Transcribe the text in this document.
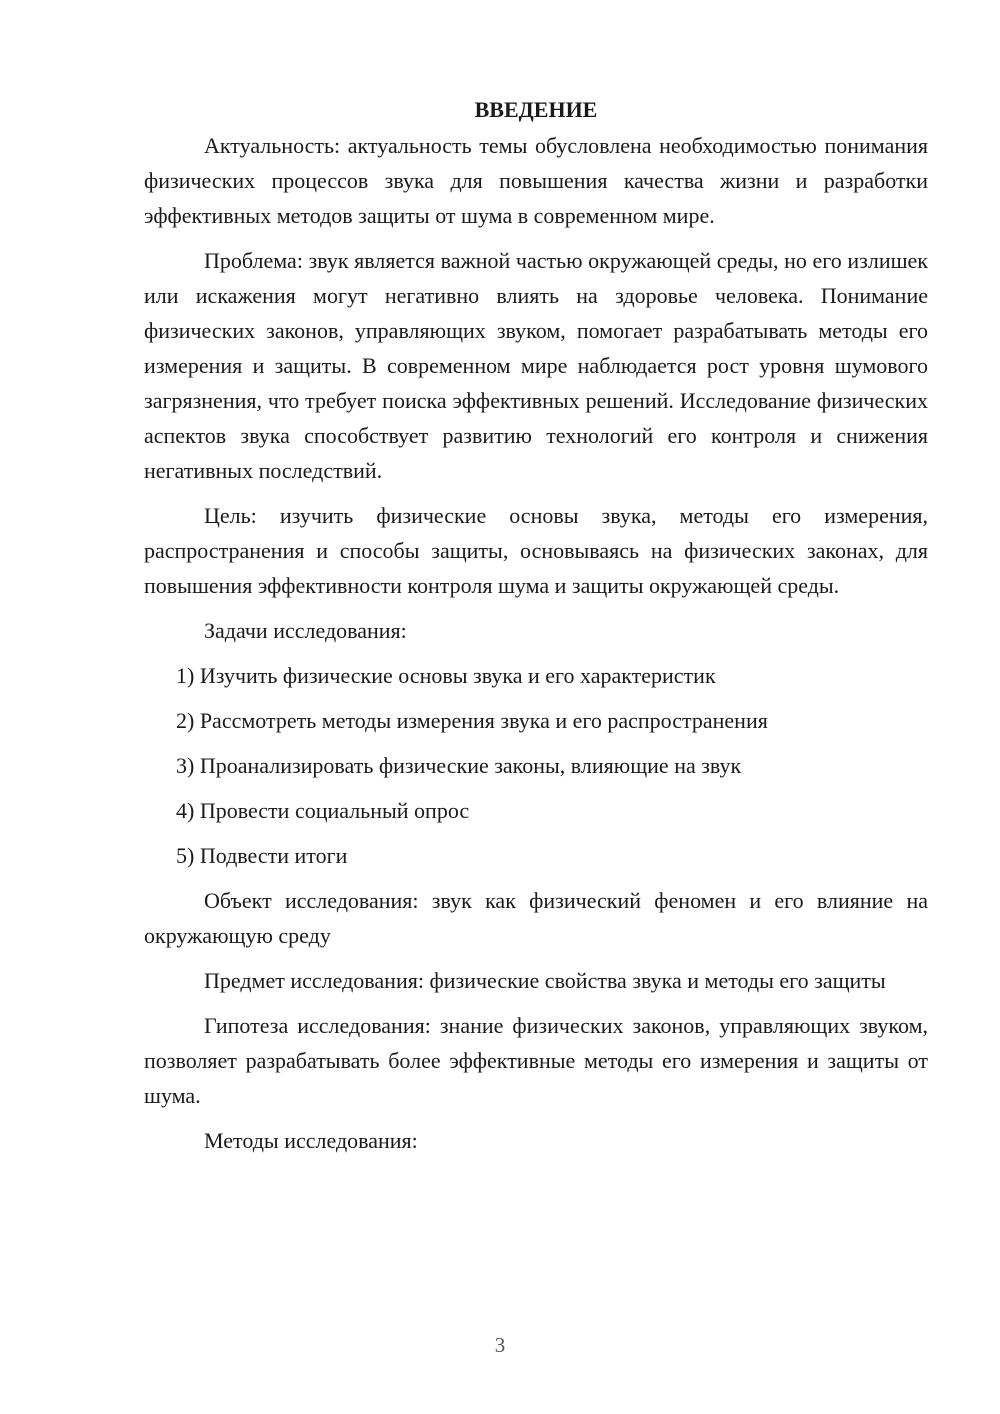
ВВЕДЕНИЕ

Актуальность: актуальность темы обусловлена необходимостью понимания физических процессов звука для повышения качества жизни и разработки эффективных методов защиты от шума в современном мире.

Проблема: звук является важной частью окружающей среды, но его излишек или искажения могут негативно влиять на здоровье человека. Понимание физических законов, управляющих звуком, помогает разрабатывать методы его измерения и защиты. В современном мире наблюдается рост уровня шумового загрязнения, что требует поиска эффективных решений. Исследование физических аспектов звука способствует развитию технологий его контроля и снижения негативных последствий.

Цель: изучить физические основы звука, методы его измерения, распространения и способы защиты, основываясь на физических законах, для повышения эффективности контроля шума и защиты окружающей среды.

Задачи исследования:

1) Изучить физические основы звука и его характеристик
2) Рассмотреть методы измерения звука и его распространения
3) Проанализировать физические законы, влияющие на звук
4) Провести социальный опрос
5) Подвести итоги

Объект исследования: звук как физический феномен и его влияние на окружающую среду

Предмет исследования: физические свойства звука и методы его защиты

Гипотеза исследования: знание физических законов, управляющих звуком, позволяет разрабатывать более эффективные методы его измерения и защиты от шума.

Методы исследования:

3
